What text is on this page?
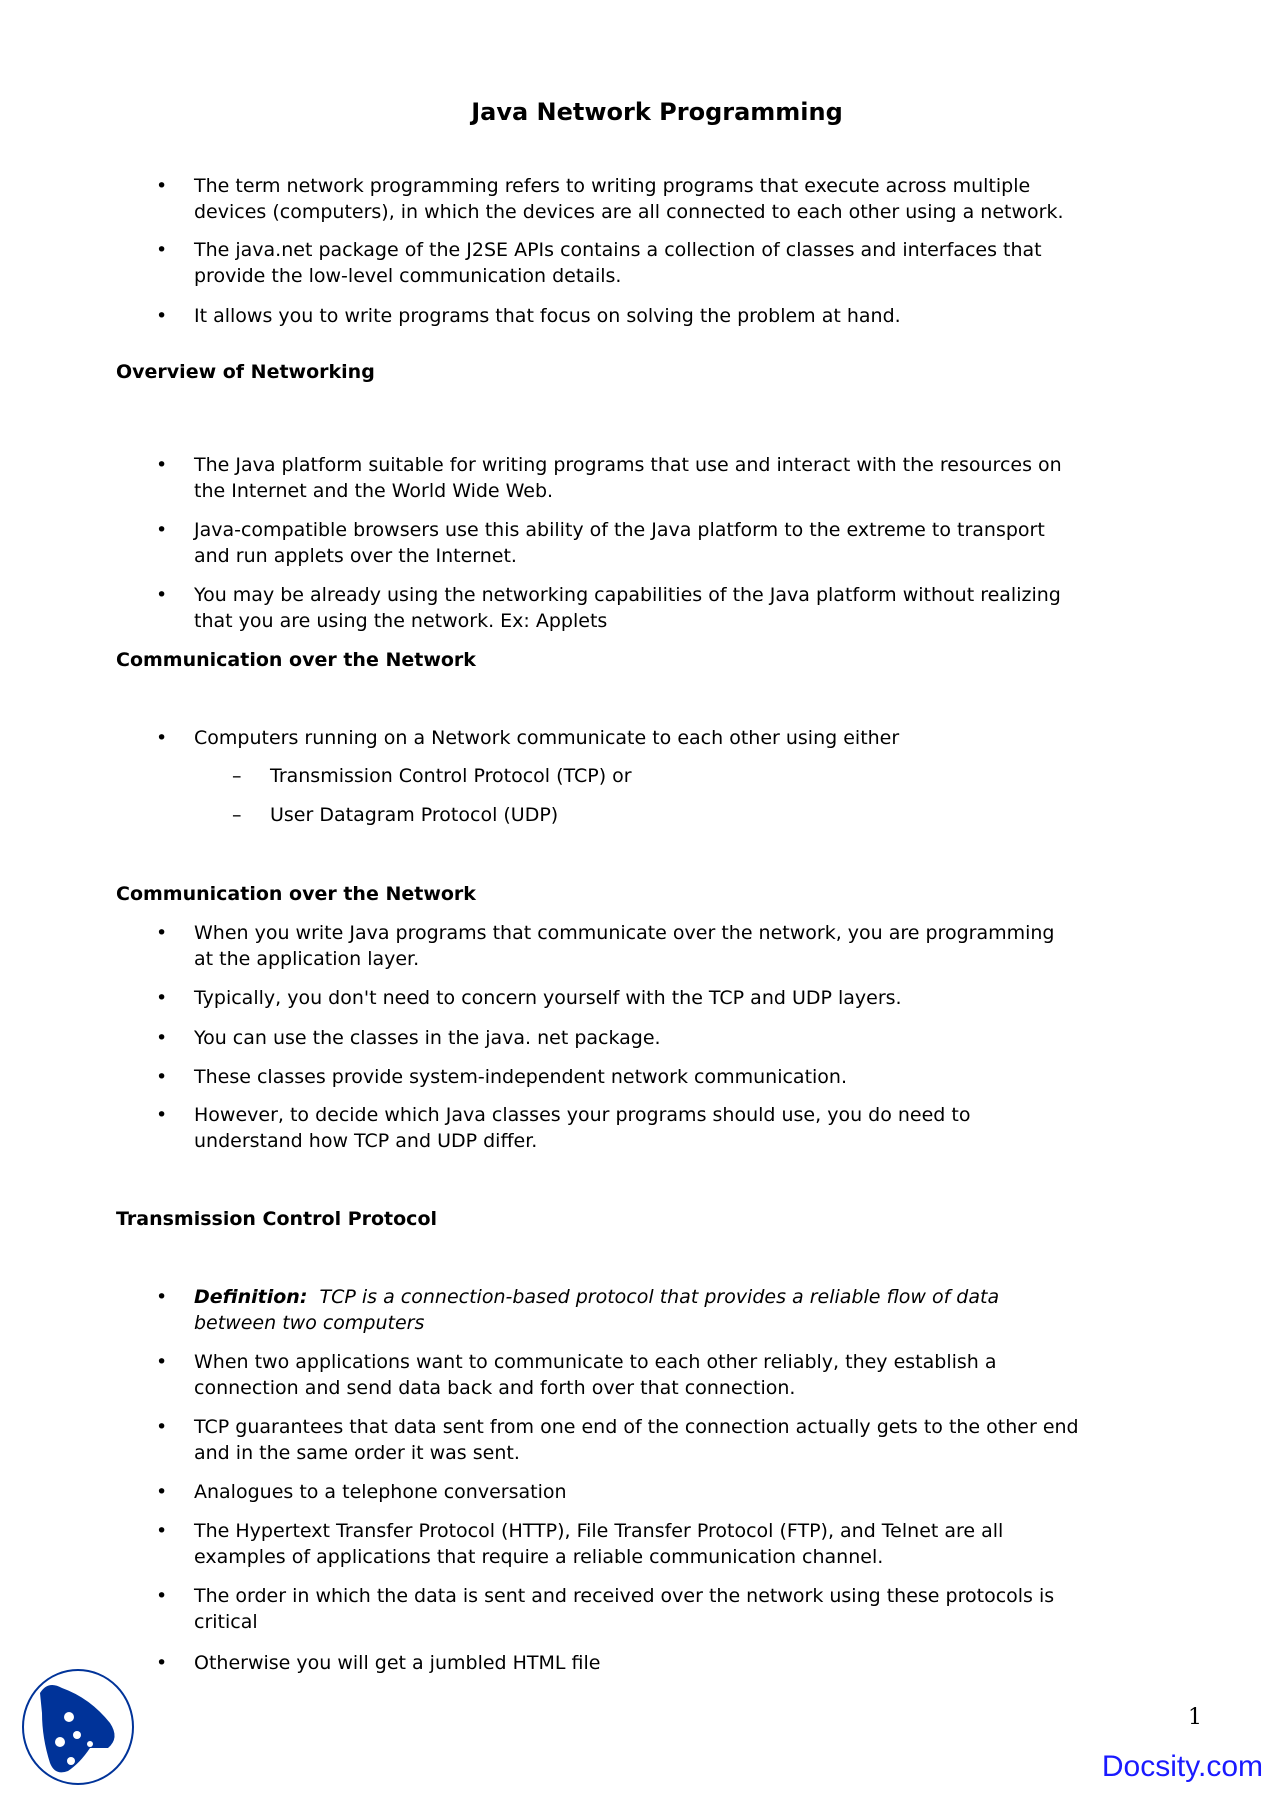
Java Network Programming
• The term network programming refers to writing programs that execute across multiple
devices (computers), in which the devices are all connected to each other using a network.
• The java.net package of the J2SE APIs contains a collection of classes and interfaces that
provide the low-level communication details.
• It allows you to write programs that focus on solving the problem at hand.
Overview of Networking
• The Java platform suitable for writing programs that use and interact with the resources on
the Internet and the World Wide Web.
• Java-compatible browsers use this ability of the Java platform to the extreme to transport
and run applets over the Internet.
• You may be already using the networking capabilities of the Java platform without realizing
that you are using the network. Ex: Applets
Communication over the Network
• Computers running on a Network communicate to each other using either
– Transmission Control Protocol (TCP) or
– User Datagram Protocol (UDP)
Communication over the Network
• When you write Java programs that communicate over the network, you are programming
at the application layer.
• Typically, you don't need to concern yourself with the TCP and UDP layers.
• You can use the classes in the java. net package.
• These classes provide system-independent network communication.
• However, to decide which Java classes your programs should use, you do need to
understand how TCP and UDP differ.
Transmission Control Protocol
• Definition: TCP is a connection-based protocol that provides a reliable flow of data
between two computers
• When two applications want to communicate to each other reliably, they establish a
connection and send data back and forth over that connection.
• TCP guarantees that data sent from one end of the connection actually gets to the other end
and in the same order it was sent.
• Analogues to a telephone conversation
• The Hypertext Transfer Protocol (HTTP), File Transfer Protocol (FTP), and Telnet are all
examples of applications that require a reliable communication channel.
• The order in which the data is sent and received over the network using these protocols is
critical
• Otherwise you will get a jumbled HTML file
1
Docsity.com
